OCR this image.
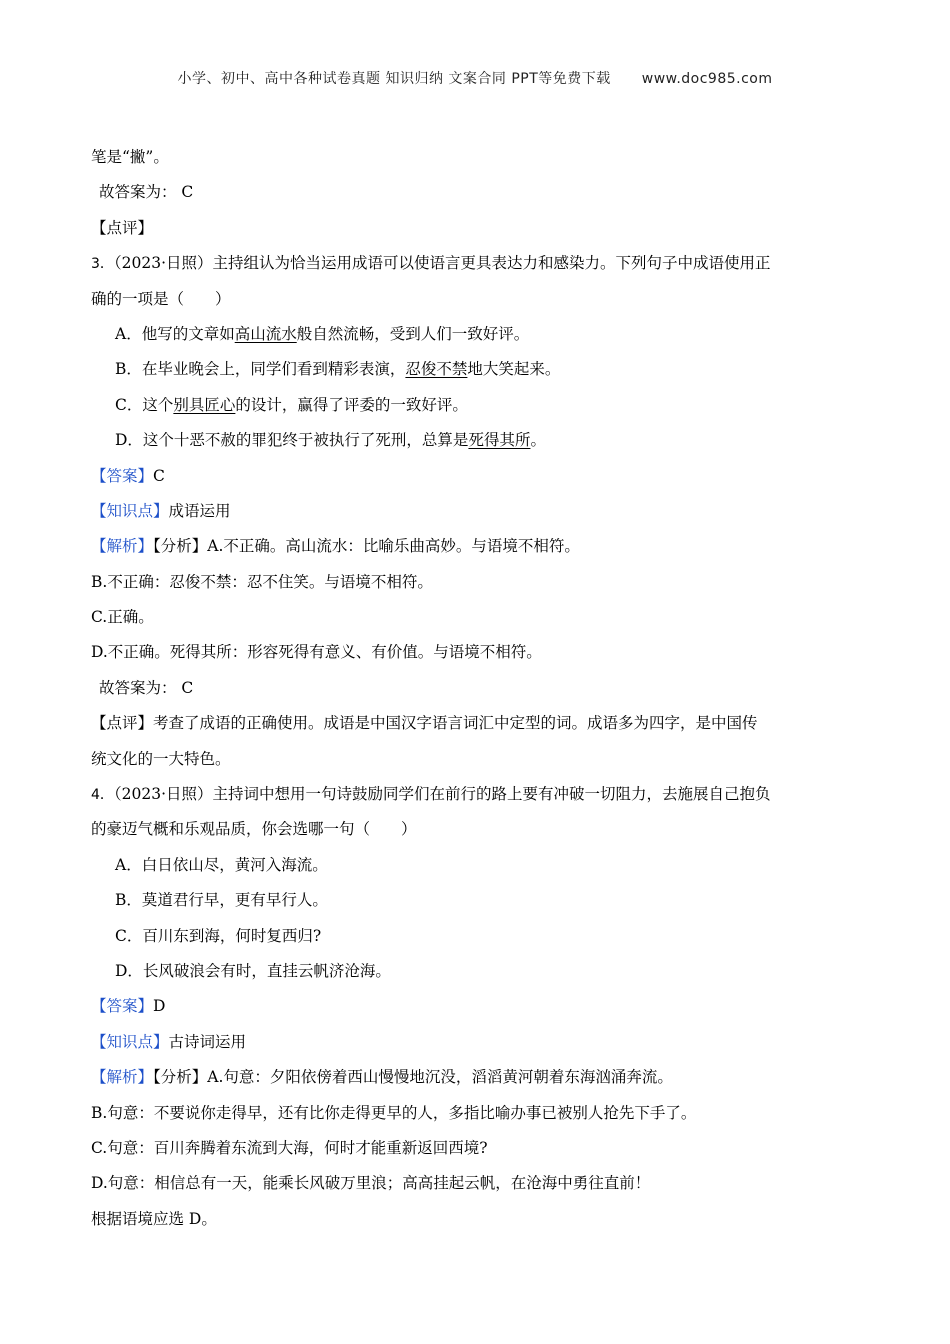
小学、初中、高中各种试卷真题 知识归纳 文案合同 PPT等免费下载 www.doc985.com
笔是“撇”。
故答案为： C
【点评】
3．（2023·日照）主持组认为恰当运用成语可以使语言更具表达力和感染力。下列句子中成语使用正
确的一项是（　　）
A．他写的文章如高山流水般自然流畅，受到人们一致好评。
B．在毕业晚会上，同学们看到精彩表演，忍俊不禁地大笑起来。
C．这个别具匠心的设计，赢得了评委的一致好评。
D．这个十恶不赦的罪犯终于被执行了死刑，总算是死得其所。
【答案】C
【知识点】成语运用
【解析】【分析】A.不正确。高山流水：比喻乐曲高妙。与语境不相符。
B.不正确：忍俊不禁：忍不住笑。与语境不相符。
C.正确。
D.不正确。死得其所：形容死得有意义、有价值。与语境不相符。
故答案为： C
【点评】考查了成语的正确使用。成语是中国汉字语言词汇中定型的词。成语多为四字，是中国传
统文化的一大特色。
4．（2023·日照）主持词中想用一句诗鼓励同学们在前行的路上要有冲破一切阻力，去施展自己抱负
的豪迈气概和乐观品质，你会选哪一句（　　）
A．白日依山尽，黄河入海流。
B．莫道君行早，更有早行人。
C．百川东到海，何时复西归?
D．长风破浪会有时，直挂云帆济沧海。
【答案】D
【知识点】古诗词运用
【解析】【分析】A.句意：夕阳依傍着西山慢慢地沉没，滔滔黄河朝着东海汹涌奔流。
B.句意：不要说你走得早，还有比你走得更早的人，多指比喻办事已被别人抢先下手了。
C.句意：百川奔腾着东流到大海，何时才能重新返回西境?
D.句意：相信总有一天，能乘长风破万里浪；高高挂起云帆，在沧海中勇往直前！
根据语境应选 D。
